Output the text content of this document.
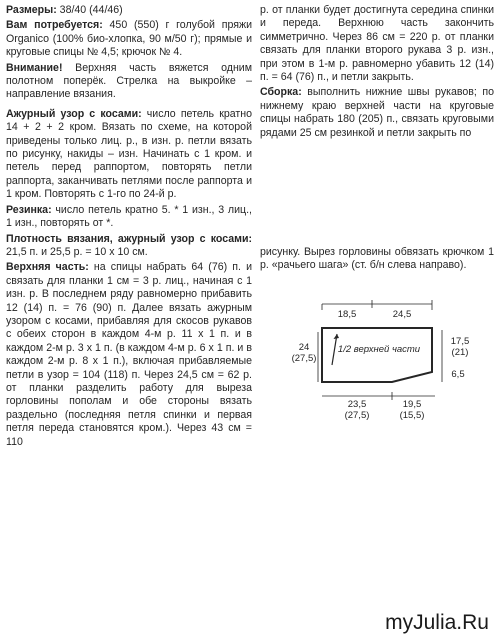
Размеры: 38/40 (44/46)

Вам потребуется: 450 (550) г голубой пряжи Organico (100% био-хлопка, 90 м/50 г); прямые и круговые спицы № 4,5; крючок № 4.

Внимание! Верхняя часть вяжется одним полотном поперёк. Стрелка на выкройке – направление вязания.

Ажурный узор с косами: число петель кратно 14 + 2 + 2 кром. Вязать по схеме, на которой приведены только лиц. р., в изн. р. петли вязать по рисунку, накиды – изн. Начинать с 1 кром. и петель перед раппортом, повторять петли раппорта, заканчивать петлями после раппорта и 1 кром. Повторять с 1-го по 24-й р.

Резинка: число петель кратно 5. * 1 изн., 3 лиц., 1 изн., повторять от *.

Плотность вязания, ажурный узор с косами: 21,5 п. и 25,5 р. = 10 х 10 см.

Верхняя часть: на спицы набрать 64 (76) п. и связать для планки 1 см = 3 р. лиц., начиная с 1 изн. р. В последнем ряду равномерно прибавить 12 (14) п. = 76 (90) п. Далее вязать ажурным узором с косами, прибавляя для скосов рукавов с обеих сторон в каждом 4-м р. 11 х 1 п. и в каждом 2-м р. 3 х 1 п. (в каждом 4-м р. 6 х 1 п. и в каждом 2-м р. 8 х 1 п.), включая прибавляемые петли в узор = 104 (118) п. Через 24,5 см = 62 р. от планки разделить работу для выреза горловины пополам и обе стороны вязать раздельно (последняя петля спинки и первая петля переда становятся кром.). Через 43 см = 110

р. от планки будет достигнута середина спинки и переда. Верхнюю часть закончить симметрично. Через 86 см = 220 р. от планки связать для планки второго рукава 3 р. изн., при этом в 1-м р. равномерно убавить 12 (14) п. = 64 (76) п., и петли закрыть.

Сборка: выполнить нижние швы рукавов; по нижнему краю верхней части на круговые спицы набрать 180 (205) п., связать круговыми рядами 25 см резинкой и петли закрыть по

рисунку. Вырез горловины обвязать крючком 1 р. «рачьего шага» (ст. б/н слева направо).

18,5	24,5
24
(27,5)
17,5
(21)
6,5
1/2 верхней части
23,5
(27,5)
19,5
(15,5)
myJulia.Ru
